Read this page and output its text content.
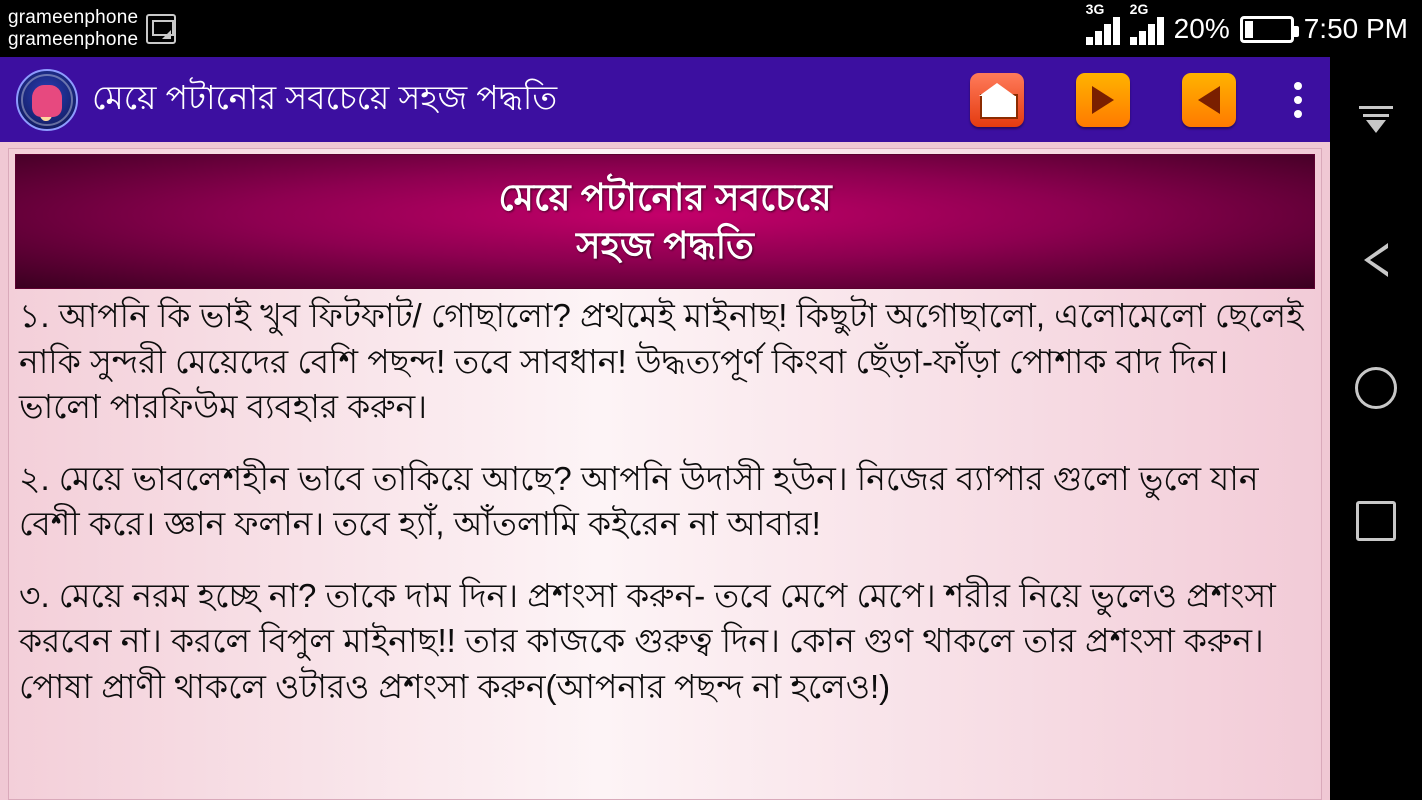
grameenphone
grameenphone
3G 2G
20%	7:50 PM
মেয়ে পটানোর সবচেয়ে সহজ পদ্ধতি
মেয়ে পটানোর সবচেয়ে
সহজ পদ্ধতি

১. আপনি কি ভাই খুব ফিটফাট/ গোছালো? প্রথমেই মাইনাছ! কিছুটা অগোছালো, এলোমেলো ছেলেই নাকি সুন্দরী মেয়েদের বেশি পছন্দ! তবে সাবধান! উদ্ধত্যপূর্ণ কিংবা ছেঁড়া-ফাঁড়া পোশাক বাদ দিন। ভালো পারফিউম ব্যবহার করুন।

২. মেয়ে ভাবলেশহীন ভাবে তাকিয়ে আছে? আপনি উদাসী হউন। নিজের ব্যাপার গুলো ভুলে যান বেশী করে। জ্ঞান ফলান। তবে হ্যাঁ, আঁতলামি কইরেন না আবার!

৩. মেয়ে নরম হচ্ছে না? তাকে দাম দিন। প্রশংসা করুন- তবে মেপে মেপে। শরীর নিয়ে ভুলেও প্রশংসা করবেন না। করলে বিপুল মাইনাছ!! তার কাজকে গুরুত্ব দিন। কোন গুণ থাকলে তার প্রশংসা করুন। পোষা প্রাণী থাকলে ওটারও প্রশংসা করুন(আপনার পছন্দ না হলেও!)
